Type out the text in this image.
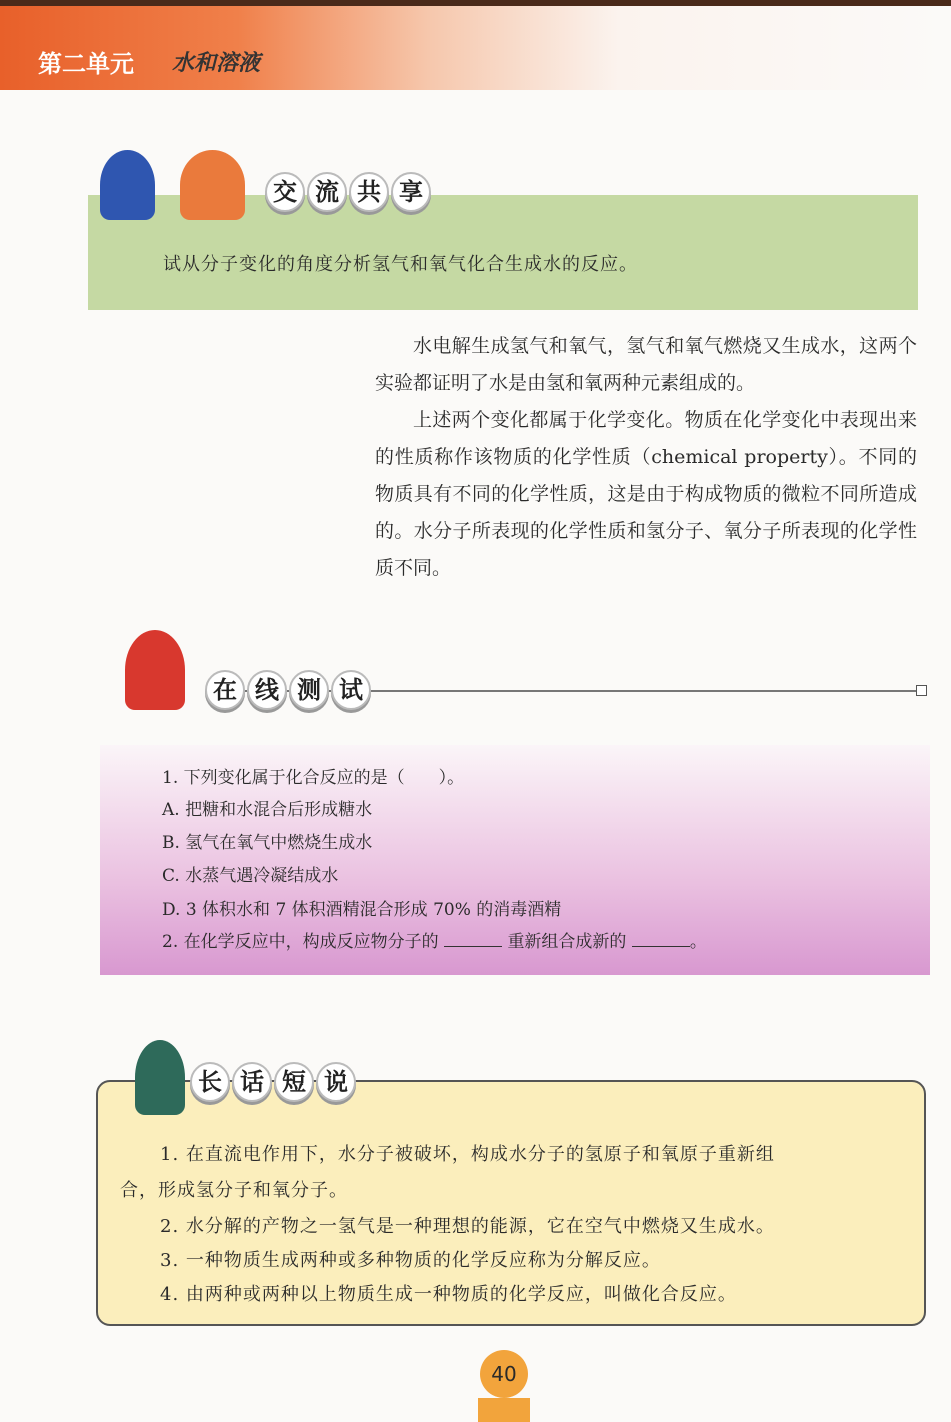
第二单元 水和溶液

试从分子变化的角度分析氢气和氧气化合生成水的反应。

交 流 共 享

水电解生成氢气和氧气，氢气和氧气燃烧又生成水，这两个实验都证明了水是由氢和氧两种元素组成的。

上述两个变化都属于化学变化。物质在化学变化中表现出来的性质称作该物质的化学性质（chemical property）。不同的物质具有不同的化学性质，这是由于构成物质的微粒不同所造成的。水分子所表现的化学性质和氢分子、氧分子所表现的化学性质不同。

在 线 测 试
1. 下列变化属于化合反应的是（　　）。
A. 把糖和水混合后形成糖水
B. 氢气在氧气中燃烧生成水
C. 水蒸气遇冷凝结成水
D. 3 体积水和 7 体积酒精混合形成 70% 的消毒酒精
2. 在化学反应中，构成反应物分子的	重新组合成新的	。
1. 在直流电作用下，水分子被破坏，构成水分子的氢原子和氧原子重新组
合，形成氢分子和氧分子。
2. 水分解的产物之一氢气是一种理想的能源，它在空气中燃烧又生成水。
3. 一种物质生成两种或多种物质的化学反应称为分解反应。
4. 由两种或两种以上物质生成一种物质的化学反应，叫做化合反应。
长 话 短 说
40
